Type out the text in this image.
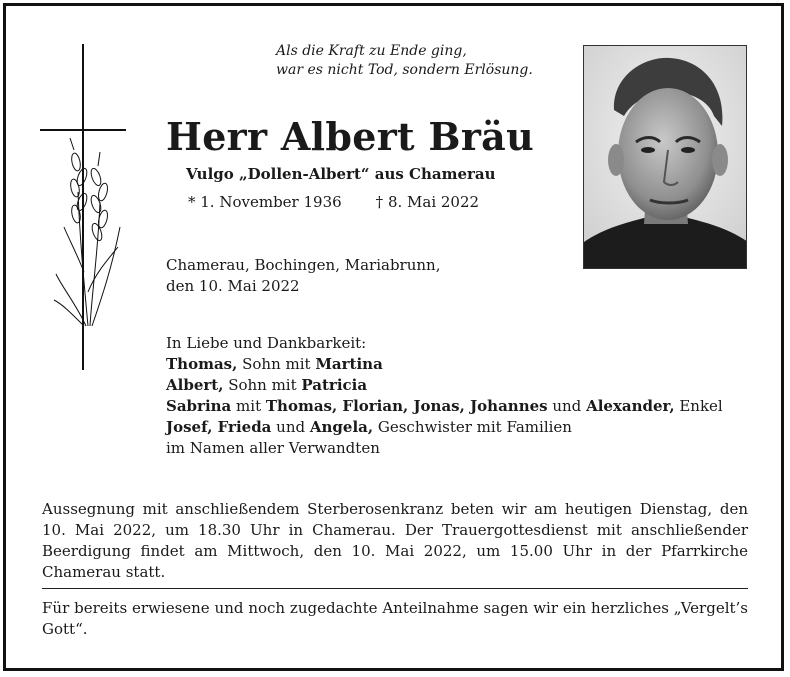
Als die Kraft zu Ende ging,
war es nicht Tod, sondern Erlösung.
Herr Albert Bräu
Vulgo „Dollen-Albert“ aus Chamerau
* 1. November 1936 † 8. Mai 2022
Chamerau, Bochingen, Mariabrunn,
den 10. Mai 2022
In Liebe und Dankbarkeit:
Thomas, Sohn mit Martina
Albert, Sohn mit Patricia
Sabrina mit Thomas, Florian, Jonas, Johannes und Alexander, Enkel
Josef, Frieda und Angela, Geschwister mit Familien
im Namen aller Verwandten
Aussegnung mit anschließendem Sterberosenkranz beten wir am heutigen Dienstag, den 10. Mai 2022, um 18.30 Uhr in Chamerau. Der Trauergottesdienst mit anschließender Beerdigung findet am Mittwoch, den 10. Mai 2022, um 15.00 Uhr in der Pfarrkirche Chamerau statt.
Für bereits erwiesene und noch zugedachte Anteilnahme sagen wir ein herzliches „Vergelt’s Gott“.
